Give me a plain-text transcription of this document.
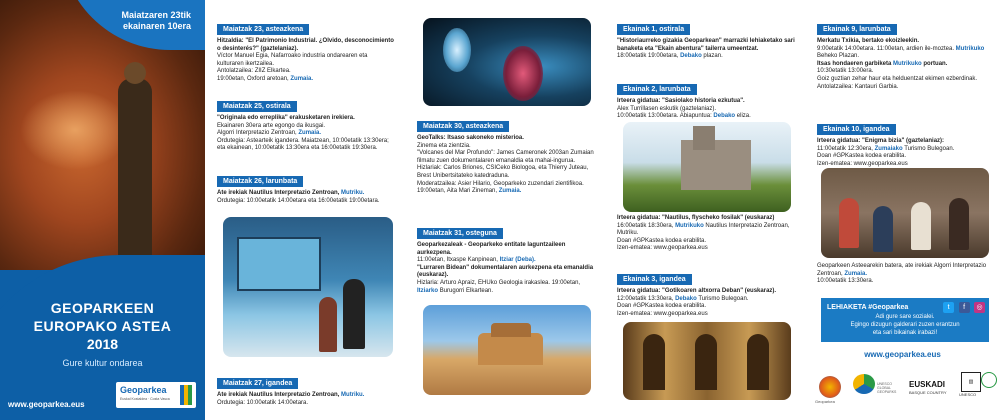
Maiatzaren 23tik
ekainaren 10era
GEOPARKEEN
EUROPAKO ASTEA
2018
Gure kultur ondarea
Geoparkea
Euskal Kostaldea · Costa Vasca
www.geoparkea.eus
Maiatzak 23, asteazkena
Hitzaldia: "El Patrimonio Industrial. ¿Olvido, desconocimiento o desinterés?" (gaztelaniaz).
Víctor Manuel Egia, Nafarroako industria ondarearen eta kulturaren ikertzailea.
Antolatzailea: ZIIZ Elkartea.
19:00etan, Oxford aretoan, Zumaia.
Maiatzak 25, ostirala
"Originala edo erreplika" erakusketaren irekiera.
Ekainaren 30era arte egongo da ikusgai.
Algorri Interpretazio Zentroan, Zumaia.
Ordutegia: Astearteik igandera. Maiatzean, 10:00etatik 13:30era; eta ekainean, 10:00etatik 13:30era eta 16:00etatik 19:30era.
Maiatzak 26, larunbata
Ate irekiak Nautilus Interpretazio Zentroan, Mutriku.
Ordutegia: 10:00etatik 14:00etara eta 16:00etatik 19:00etara.
Maiatzak 27, igandea
Ate irekiak Nautilus Interpretazio Zentroan, Mutriku.
Ordutegia: 10:00etatik 14:00etara.
Maiatzak 30, asteazkena
GeoTalks: Itsaso sakoneko misterioa.
Zinema eta zientzia.
"Volcanes del Mar Profundo": James Cameronek 2003an Zumaian filmatu zuen dokumentalaren emanaldia eta mahai-ingurua.
Hizlariak: Carlos Briones, CSICeko Biologoa, eta Thierry Juteau, Brest Unibertsitateko katedraduna.
Moderatzailea: Asier Hilario, Geoparkeko zuzendari zientifikoa. 19:00etan, Aita Mari Zineman, Zumaia.
Maiatzak 31, osteguna
Geoparkezaleak - Geoparkeko entitate laguntzaileen aurkezpena.
11:00etan, Itxaspe Kanpinean, Itziar (Deba).
"Lurraren Bidean" dokumentalaren aurkezpena eta emanaldia (euskaraz).
Hizlaria: Arturo Apraiz, EHUko Geologia irakaslea. 19:00etan, Itziarko Burugorri Elkartean.
Ekainak 1, ostirala
"Historiaurreko gizakia Geoparkean" marrazki lehiaketako sari banaketa eta "Ekain abentura" tailerra umeentzat.
18:00etatik 19:00etara, Debako plazan.
Ekainak 2, larunbata
Irteera gidatua: "Sasiolako historia ezkutua".
Alex Turrillasen eskutik (gaztelaniaz).
10:00etatik 13:00etara. Abiapuntua: Debako eliza.
Irteera gidatua: "Nautilus, flyscheko fosilak" (euskaraz)
16:00etatik 18:30era, Mutrikuko Nautilus Interpretazio Zentroan, Mutriku.
Doan #GPKastea kodea erabilita.
Izen-ematea: www.geoparkea.eus
Ekainak 3, igandea
Irteera gidatua: "Gotikoaren altxorra Deban" (euskaraz).
12:00etatik 13:30era, Debako Turismo Bulegoan.
Doan #GPKastea kodea erabilita.
Izen-ematea: www.geoparkea.eus
Ekainak 9, larunbata
Merkatu Txikia, bertako ekoizleekin.
9:00etatik 14:00etara. 11:00etan, ardien ile-moztea. Mutrikuko Beheko Plazan.
Itsas hondaeren garbiketa Mutrikuko portuan.
10:30etatik 13:00era.
Goiz guztian zehar haur eta helduentzat ekimen ezberdinak.
Antolatzailea: Kantauri Garbia.
Ekainak 10, igandea
Irteera gidatua: "Enigma bizia" (gaztelaniaz):
11:00etatik 12:30era, Zumaiako Turismo Bulegoan.
Doan #GPKastea kodea erabilita.
Izen-ematea: www.geoparkea.eus
Geoparkeen Asteearekin batera, ate irekiak Algorri Interpretazio Zentroan, Zumaia.
10:00etatik 13:30era.
LEHIAKETA #Geoparkea	t f ◎
Adi gure sare sozialei.
Egingo dizugun galderari zuzen erantzun
eta sari bikainak irabazi!
www.geoparkea.eus
Geoparkea
UNESCO GLOBAL GEOPARKS
EUSKADI
BASQUE COUNTRY
▥
UNESCO
